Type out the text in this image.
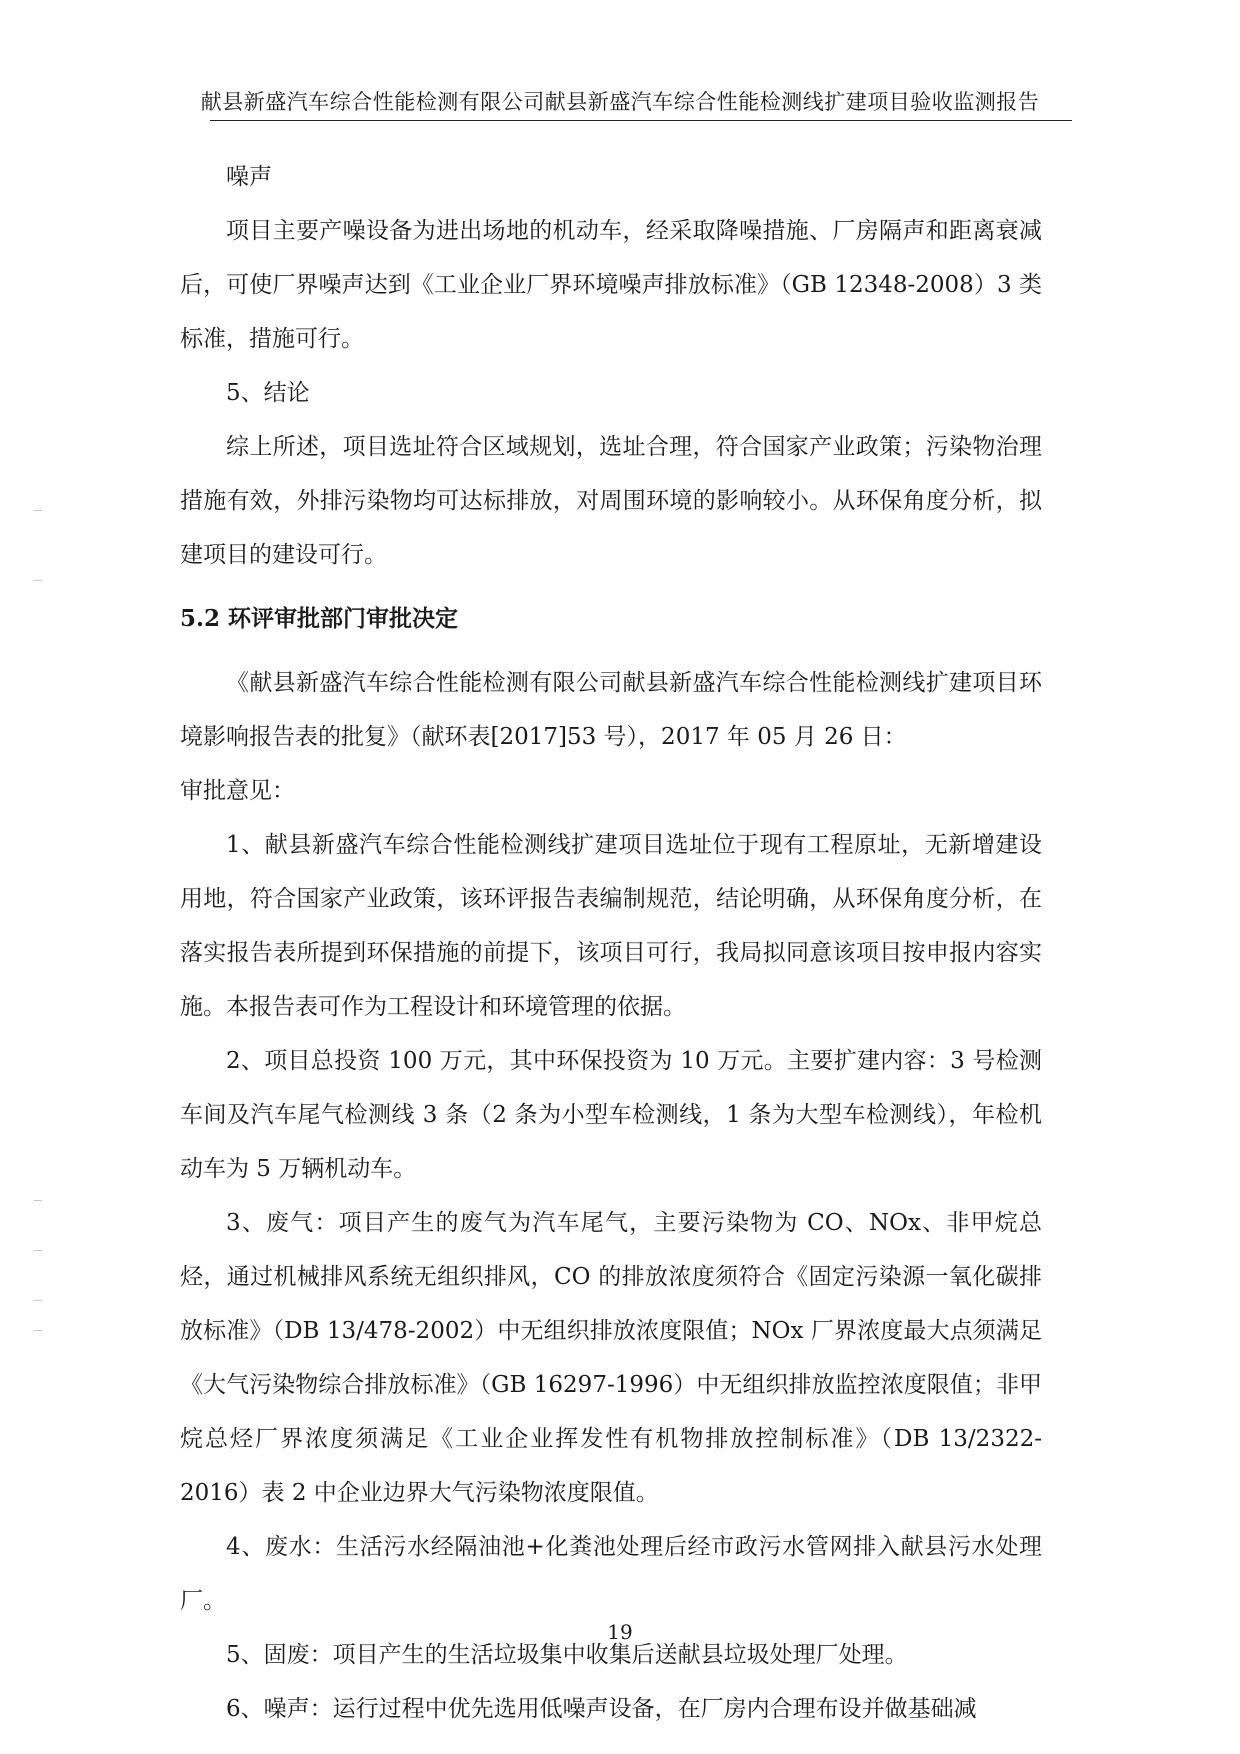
献县新盛汽车综合性能检测有限公司献县新盛汽车综合性能检测线扩建项目验收监测报告

噪声

项目主要产噪设备为进出场地的机动车，经采取降噪措施、厂房隔声和距离衰减后，可使厂界噪声达到《工业企业厂界环境噪声排放标准》（GB 12348-2008）3 类标准，措施可行。

5、结论

综上所述，项目选址符合区域规划，选址合理，符合国家产业政策；污染物治理措施有效，外排污染物均可达标排放，对周围环境的影响较小。从环保角度分析，拟建项目的建设可行。

5.2 环评审批部门审批决定

《献县新盛汽车综合性能检测有限公司献县新盛汽车综合性能检测线扩建项目环境影响报告表的批复》（献环表[2017]53 号），2017 年 05 月 26 日：

审批意见：

1、献县新盛汽车综合性能检测线扩建项目选址位于现有工程原址，无新增建设用地，符合国家产业政策，该环评报告表编制规范，结论明确，从环保角度分析，在落实报告表所提到环保措施的前提下，该项目可行，我局拟同意该项目按申报内容实施。本报告表可作为工程设计和环境管理的依据。

2、项目总投资 100 万元，其中环保投资为 10 万元。主要扩建内容：3 号检测车间及汽车尾气检测线 3 条（2 条为小型车检测线，1 条为大型车检测线），年检机动车为 5 万辆机动车。

3、废气：项目产生的废气为汽车尾气，主要污染物为 CO、NOx、非甲烷总烃，通过机械排风系统无组织排风，CO 的排放浓度须符合《固定污染源一氧化碳排放标准》（DB 13/478-2002）中无组织排放浓度限值；NOx 厂界浓度最大点须满足《大气污染物综合排放标准》（GB 16297-1996）中无组织排放监控浓度限值；非甲烷总烃厂界浓度须满足《工业企业挥发性有机物排放控制标准》（DB 13/2322-2016）表 2 中企业边界大气污染物浓度限值。

4、废水：生活污水经隔油池+化粪池处理后经市政污水管网排入献县污水处理厂。

5、固废：项目产生的生活垃圾集中收集后送献县垃圾处理厂处理。

6、噪声：运行过程中优先选用低噪声设备，在厂房内合理布设并做基础减

19
